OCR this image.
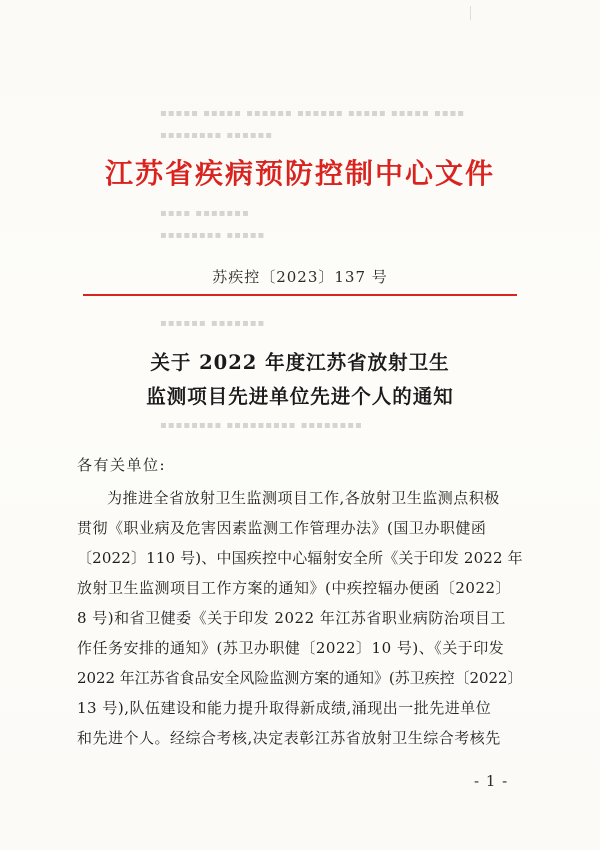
▪▪▪▪▪ ▪▪▪▪▪ ▪▪▪▪▪▪ ▪▪▪▪▪▪ ▪▪▪▪▪ ▪▪▪▪▪ ▪▪▪▪
▪▪▪▪▪▪▪▪ ▪▪▪▪▪▪
▪▪▪▪ ▪▪▪▪▪▪▪
▪▪▪▪▪▪▪▪ ▪▪▪▪▪
▪▪▪▪▪▪ ▪▪▪▪▪▪▪
▪▪▪▪▪▪▪▪ ▪▪▪▪▪▪▪▪▪ ▪▪▪▪▪▪▪▪
江苏省疾病预防控制中心文件
苏疾控〔2023〕137 号
关于 2022 年度江苏省放射卫生
监测项目先进单位先进个人的通知
各有关单位:
为推进全省放射卫生监测项目工作,各放射卫生监测点积极
贯彻《职业病及危害因素监测工作管理办法》(国卫办职健函
〔2022〕110 号)、中国疾控中心辐射安全所《关于印发 2022 年
放射卫生监测项目工作方案的通知》(中疾控辐办便函〔2022〕
8 号)和省卫健委《关于印发 2022 年江苏省职业病防治项目工
作任务安排的通知》(苏卫办职健〔2022〕10 号)、《关于印发
2022 年江苏省食品安全风险监测方案的通知》(苏卫疾控〔2022〕
13 号),队伍建设和能力提升取得新成绩,涌现出一批先进单位
和先进个人。经综合考核,决定表彰江苏省放射卫生综合考核先
- 1 -
